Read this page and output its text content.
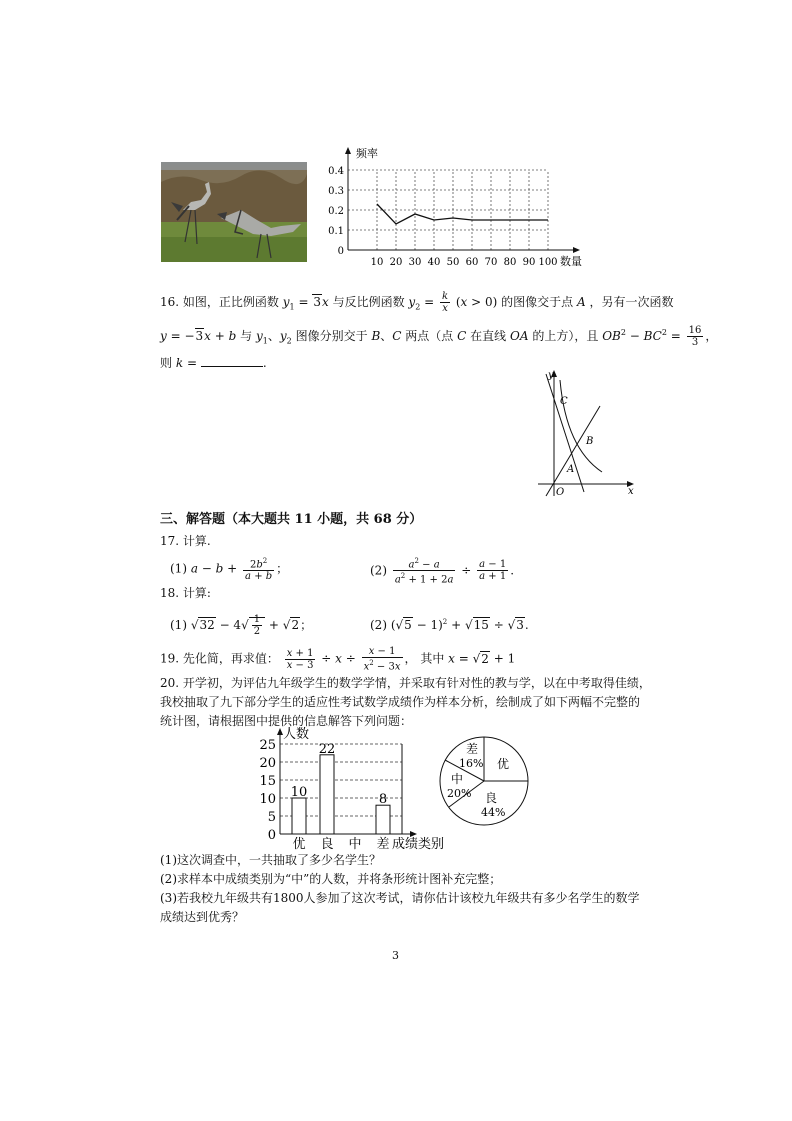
频率
数量
0.4
0.3
0.2
0.1
0
10 20 30 40 50 60 70 80 90 100
16. 如图，正比例函数 $y_1 = 3x$ 与反比例函数 $y_2 = \frac{k}{x} (x > 0)$ 的图像交于点 A ，另有一次函数
y = −3x + b 与 $y_1$、$y_2$ 图像分别交于 B、C 两点（点 C 在直线 OA 的上方），且 $OB^2 - BC^2 = \frac{16}{3}$ ，
则 k =	.
y
x
O
A
B
C
三、解答题（本大题共 11 小题，共 68 分）
17. 计算.
(1) $a - b + \frac{2b^2}{a + b}$ ；	$(2) \frac{a^2 - a}{a^2 + 1 + 2a} \div \frac{a - 1}{a + 1}$ .
18. 计算:
(1) $√32 - 4√ \frac{1}{2} + √2$；	(2) $(√5 - 1)^2 + √15 \div √3$.
19. 先化简，再求值： $\frac{x + 1}{x - 3} \div x \div \frac{x - 1}{x^2 - 3x}$ ， 其中 x = √2 + 1
20. 开学初，为评估九年级学生的数学学情，并采取有针对性的教与学，以在中考取得佳绩，
我校抽取了九下部分学生的适应性考试数学成绩作为样本分析，绘制成了如下两幅不完整的
统计图，请根据图中提供的信息解答下列问题：
10
22
8
25
20
15
10
5
0
优 良 中 差
人数
成绩类别
差
16%
中
20% 良
44%
优
(1)这次调查中，一共抽取了多少名学生？
(2)求样本中成绩类别为“中”的人数，并将条形统计图补充完整；
(3)若我校九年级共有1800人参加了这次考试，请你估计该校九年级共有多少名学生的数学
成绩达到优秀？
3
